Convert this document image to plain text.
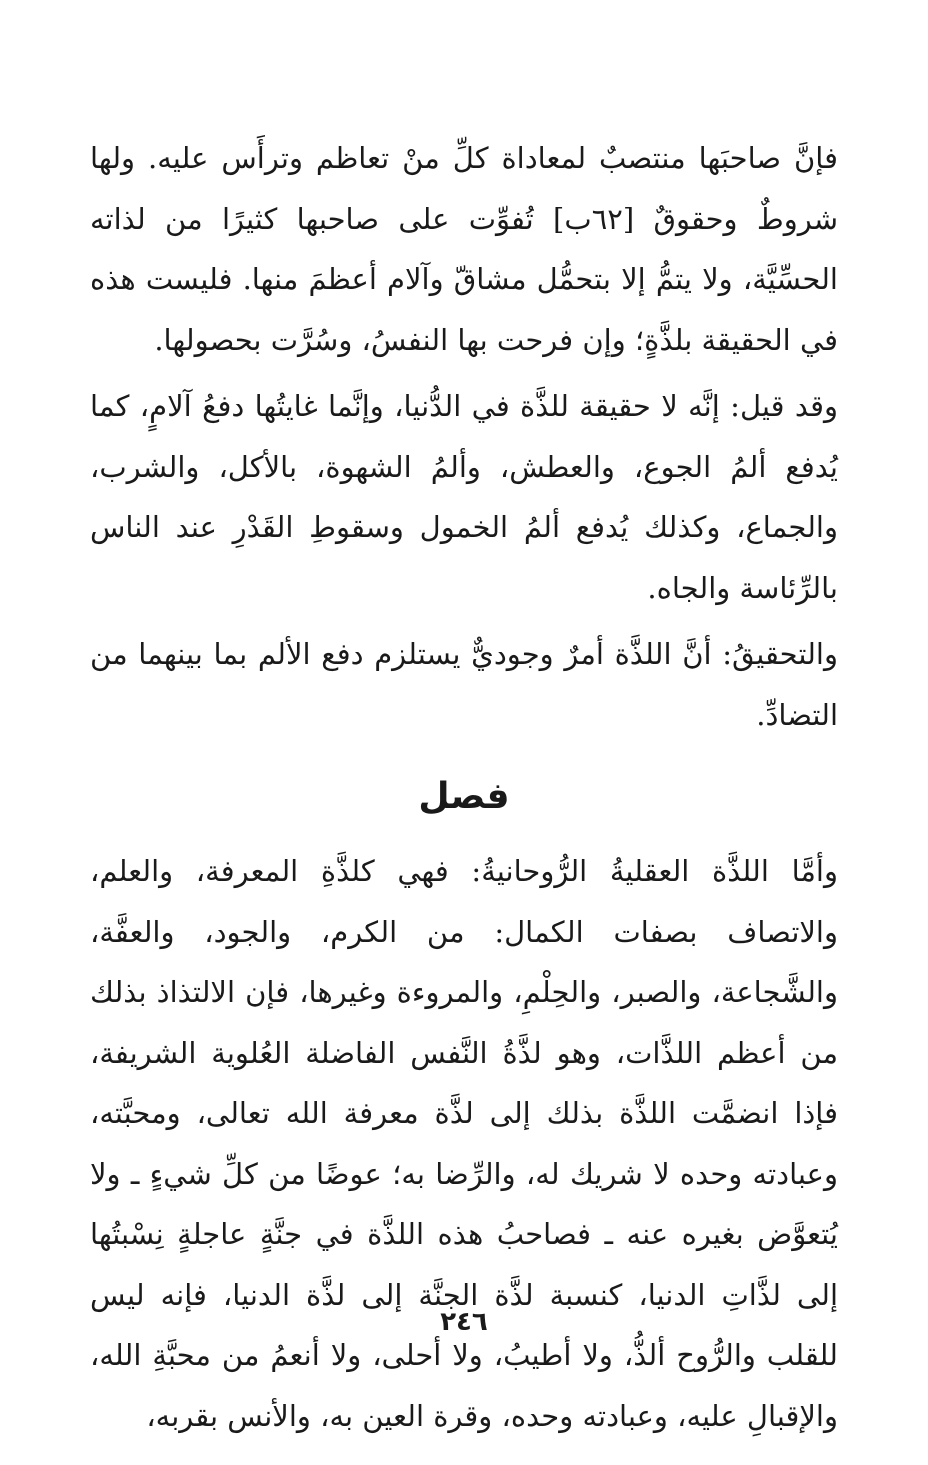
فإنَّ صاحبَها منتصبٌ لمعاداة كلِّ منْ تعاظم وترأَس عليه. ولها شروطٌ وحقوقٌ [٦٢ب] تُفوِّت على صاحبها كثيرًا من لذاته الحسِّيَّة، ولا يتمُّ إلا بتحمُّل مشاقّ وآلام أعظمَ منها. فليست هذه في الحقيقة بلذَّةٍ؛ وإن فرحت بها النفسُ، وسُرَّت بحصولها.

وقد قيل: إنَّه لا حقيقة للذَّة في الدُّنيا، وإنَّما غايتُها دفعُ آلامٍ، كما يُدفع ألمُ الجوع، والعطش، وألمُ الشهوة، بالأكل، والشرب، والجماع، وكذلك يُدفع ألمُ الخمول وسقوطِ القَدْرِ عند الناس بالرِّئاسة والجاه.

والتحقيقُ: أنَّ اللذَّة أمرٌ وجوديٌّ يستلزم دفع الألم بما بينهما من التضادِّ.

فصل

وأمَّا اللذَّة العقليةُ الرُّوحانيةُ: فهي كلذَّةِ المعرفة، والعلم، والاتصاف بصفات الكمال: من الكرم، والجود، والعفَّة، والشَّجاعة، والصبر، والحِلْمِ، والمروءة وغيرها، فإن الالتذاذ بذلك من أعظم اللذَّات، وهو لذَّةُ النَّفس الفاضلة العُلوية الشريفة، فإذا انضمَّت اللذَّة بذلك إلى لذَّة معرفة الله تعالى، ومحبَّته، وعبادته وحده لا شريك له، والرِّضا به؛ عوضًا من كلِّ شيءٍ ـ ولا يُتعوَّض بغيره عنه ـ فصاحبُ هذه اللذَّة في جنَّةٍ عاجلةٍ نِسْبتُها إلى لذَّاتِ الدنيا، كنسبة لذَّة الجنَّة إلى لذَّة الدنيا، فإنه ليس للقلب والرُّوح ألذُّ، ولا أطيبُ، ولا أحلى، ولا أنعمُ من محبَّةِ الله، والإقبالِ عليه، وعبادته وحده، وقرة العين به، والأنس بقربه،

٢٤٦
